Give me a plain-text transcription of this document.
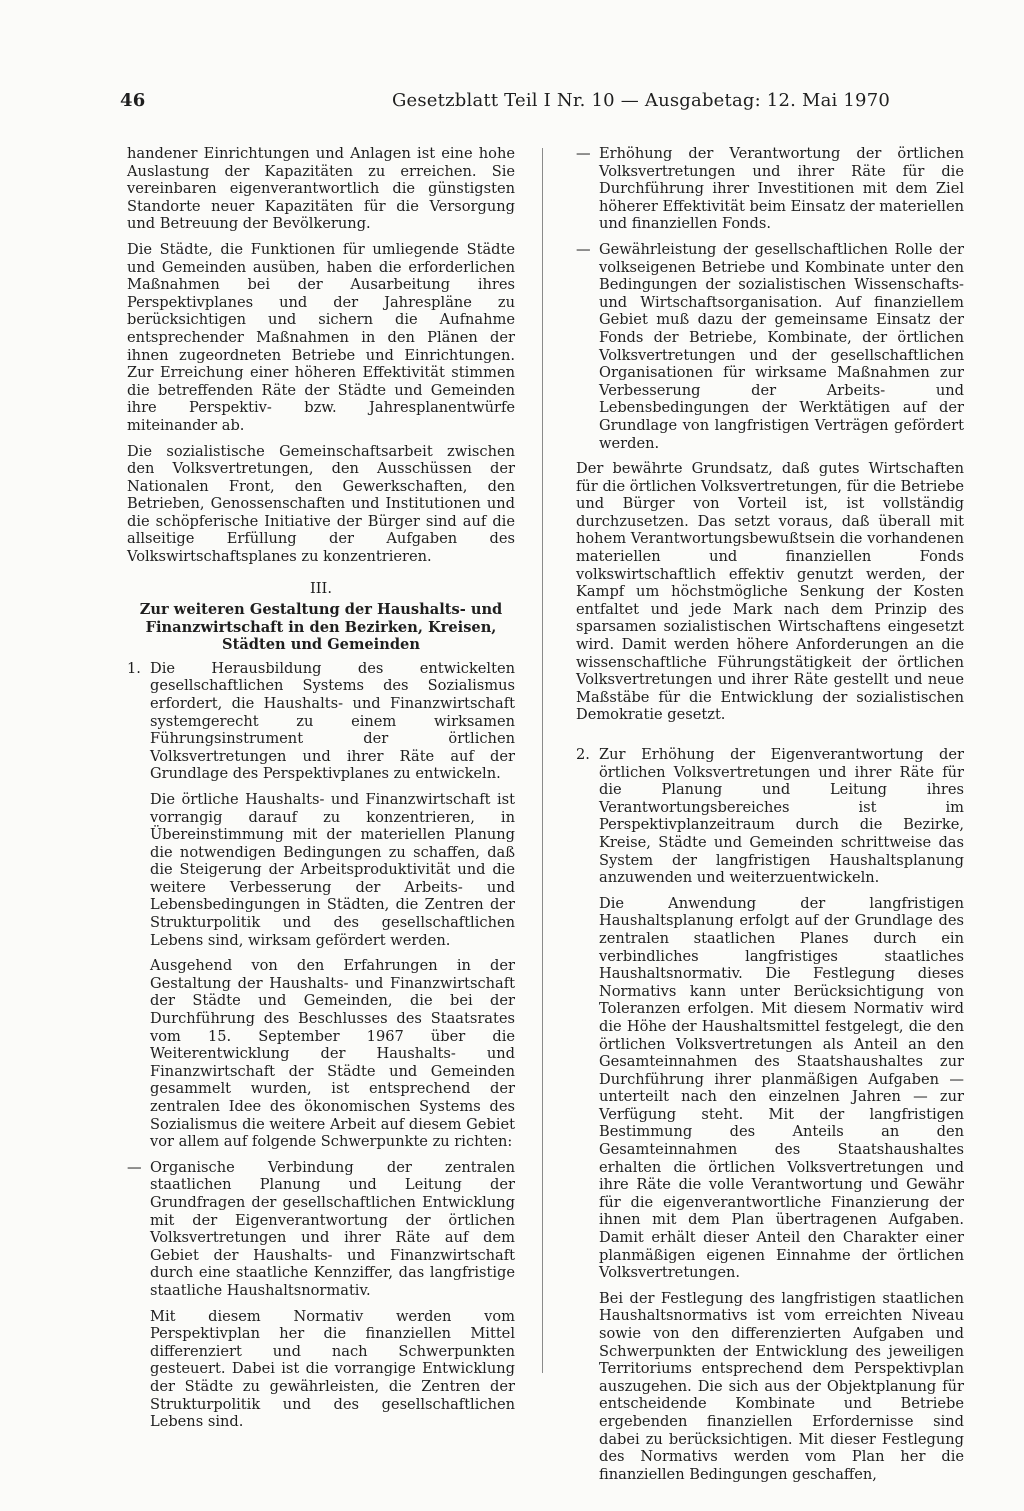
46	Gesetzblatt Teil I Nr. 10 — Ausgabetag: 12. Mai 1970

handener Einrichtungen und Anlagen ist eine hohe Auslastung der Kapazitäten zu erreichen. Sie vereinbaren eigenverantwortlich die günstigsten Standorte neuer Kapazitäten für die Versorgung und Betreuung der Bevölkerung.

Die Städte, die Funktionen für umliegende Städte und Gemeinden ausüben, haben die erforderlichen Maßnahmen bei der Ausarbeitung ihres Perspektivplanes und der Jahrespläne zu berücksichtigen und sichern die Aufnahme entsprechender Maßnahmen in den Plänen der ihnen zugeordneten Betriebe und Einrichtungen. Zur Erreichung einer höheren Effektivität stimmen die betreffenden Räte der Städte und Gemeinden ihre Perspektiv- bzw. Jahresplanentwürfe miteinander ab.

Die sozialistische Gemeinschaftsarbeit zwischen den Volksvertretungen, den Ausschüssen der Nationalen Front, den Gewerkschaften, den Betrieben, Genossenschaften und Institutionen und die schöpferische Initiative der Bürger sind auf die allseitige Erfüllung der Aufgaben des Volkswirtschaftsplanes zu konzentrieren.

III.
Zur weiteren Gestaltung der Haushalts- und Finanzwirtschaft in den Bezirken, Kreisen, Städten und Gemeinden
1. Die Herausbildung des entwickelten gesellschaftlichen Systems des Sozialismus erfordert, die Haushalts- und Finanzwirtschaft systemgerecht zu einem wirksamen Führungsinstrument der örtlichen Volksvertretungen und ihrer Räte auf der Grundlage des Perspektivplanes zu entwickeln.

Die örtliche Haushalts- und Finanzwirtschaft ist vorrangig darauf zu konzentrieren, in Übereinstimmung mit der materiellen Planung die notwendigen Bedingungen zu schaffen, daß die Steigerung der Arbeitsproduktivität und die weitere Verbesserung der Arbeits- und Lebensbedingungen in Städten, die Zentren der Strukturpolitik und des gesellschaftlichen Lebens sind, wirksam gefördert werden.

Ausgehend von den Erfahrungen in der Gestaltung der Haushalts- und Finanzwirtschaft der Städte und Gemeinden, die bei der Durchführung des Beschlusses des Staatsrates vom 15. September 1967 über die Weiterentwicklung der Haushalts- und Finanzwirtschaft der Städte und Gemeinden gesammelt wurden, ist entsprechend der zentralen Idee des ökonomischen Systems des Sozialismus die weitere Arbeit auf diesem Gebiet vor allem auf folgende Schwerpunkte zu richten:

— Organische Verbindung der zentralen staatlichen Planung und Leitung der Grundfragen der gesellschaftlichen Entwicklung mit der Eigenverantwortung der örtlichen Volksvertretungen und ihrer Räte auf dem Gebiet der Haushalts- und Finanzwirtschaft durch eine staatliche Kennziffer, das langfristige staatliche Haushaltsnormativ.

Mit diesem Normativ werden vom Perspektivplan her die finanziellen Mittel differenziert und nach Schwerpunkten gesteuert. Dabei ist die vorrangige Entwicklung der Städte zu gewährleisten, die Zentren der Strukturpolitik und des gesellschaftlichen Lebens sind.

— Erhöhung der Verantwortung der örtlichen Volksvertretungen und ihrer Räte für die Durchführung ihrer Investitionen mit dem Ziel höherer Effektivität beim Einsatz der materiellen und finanziellen Fonds.

— Gewährleistung der gesellschaftlichen Rolle der volkseigenen Betriebe und Kombinate unter den Bedingungen der sozialistischen Wissenschafts- und Wirtschaftsorganisation. Auf finanziellem Gebiet muß dazu der gemeinsame Einsatz der Fonds der Betriebe, Kombinate, der örtlichen Volksvertretungen und der gesellschaftlichen Organisationen für wirksame Maßnahmen zur Verbesserung der Arbeits- und Lebensbedingungen der Werktätigen auf der Grundlage von langfristigen Verträgen gefördert werden.

Der bewährte Grundsatz, daß gutes Wirtschaften für die örtlichen Volksvertretungen, für die Betriebe und Bürger von Vorteil ist, ist vollständig durchzusetzen. Das setzt voraus, daß überall mit hohem Verantwortungsbewußtsein die vorhandenen materiellen und finanziellen Fonds volkswirtschaftlich effektiv genutzt werden, der Kampf um höchstmögliche Senkung der Kosten entfaltet und jede Mark nach dem Prinzip des sparsamen sozialistischen Wirtschaftens eingesetzt wird. Damit werden höhere Anforderungen an die wissenschaftliche Führungstätigkeit der örtlichen Volksvertretungen und ihrer Räte gestellt und neue Maßstäbe für die Entwicklung der sozialistischen Demokratie gesetzt.

2. Zur Erhöhung der Eigenverantwortung der örtlichen Volksvertretungen und ihrer Räte für die Planung und Leitung ihres Verantwortungsbereiches ist im Perspektivplanzeitraum durch die Bezirke, Kreise, Städte und Gemeinden schrittweise das System der langfristigen Haushaltsplanung anzuwenden und weiterzuentwickeln.

Die Anwendung der langfristigen Haushaltsplanung erfolgt auf der Grundlage des zentralen staatlichen Planes durch ein verbindliches langfristiges staatliches Haushaltsnormativ. Die Festlegung dieses Normativs kann unter Berücksichtigung von Toleranzen erfolgen. Mit diesem Normativ wird die Höhe der Haushaltsmittel festgelegt, die den örtlichen Volksvertretungen als Anteil an den Gesamteinnahmen des Staatshaushaltes zur Durchführung ihrer planmäßigen Aufgaben — unterteilt nach den einzelnen Jahren — zur Verfügung steht. Mit der langfristigen Bestimmung des Anteils an den Gesamteinnahmen des Staatshaushaltes erhalten die örtlichen Volksvertretungen und ihre Räte die volle Verantwortung und Gewähr für die eigenverantwortliche Finanzierung der ihnen mit dem Plan übertragenen Aufgaben. Damit erhält dieser Anteil den Charakter einer planmäßigen eigenen Einnahme der örtlichen Volksvertretungen.

Bei der Festlegung des langfristigen staatlichen Haushaltsnormativs ist vom erreichten Niveau sowie von den differenzierten Aufgaben und Schwerpunkten der Entwicklung des jeweiligen Territoriums entsprechend dem Perspektivplan auszugehen. Die sich aus der Objektplanung für entscheidende Kombinate und Betriebe ergebenden finanziellen Erfordernisse sind dabei zu berücksichtigen. Mit dieser Festlegung des Normativs werden vom Plan her die finanziellen Bedingungen geschaffen,
